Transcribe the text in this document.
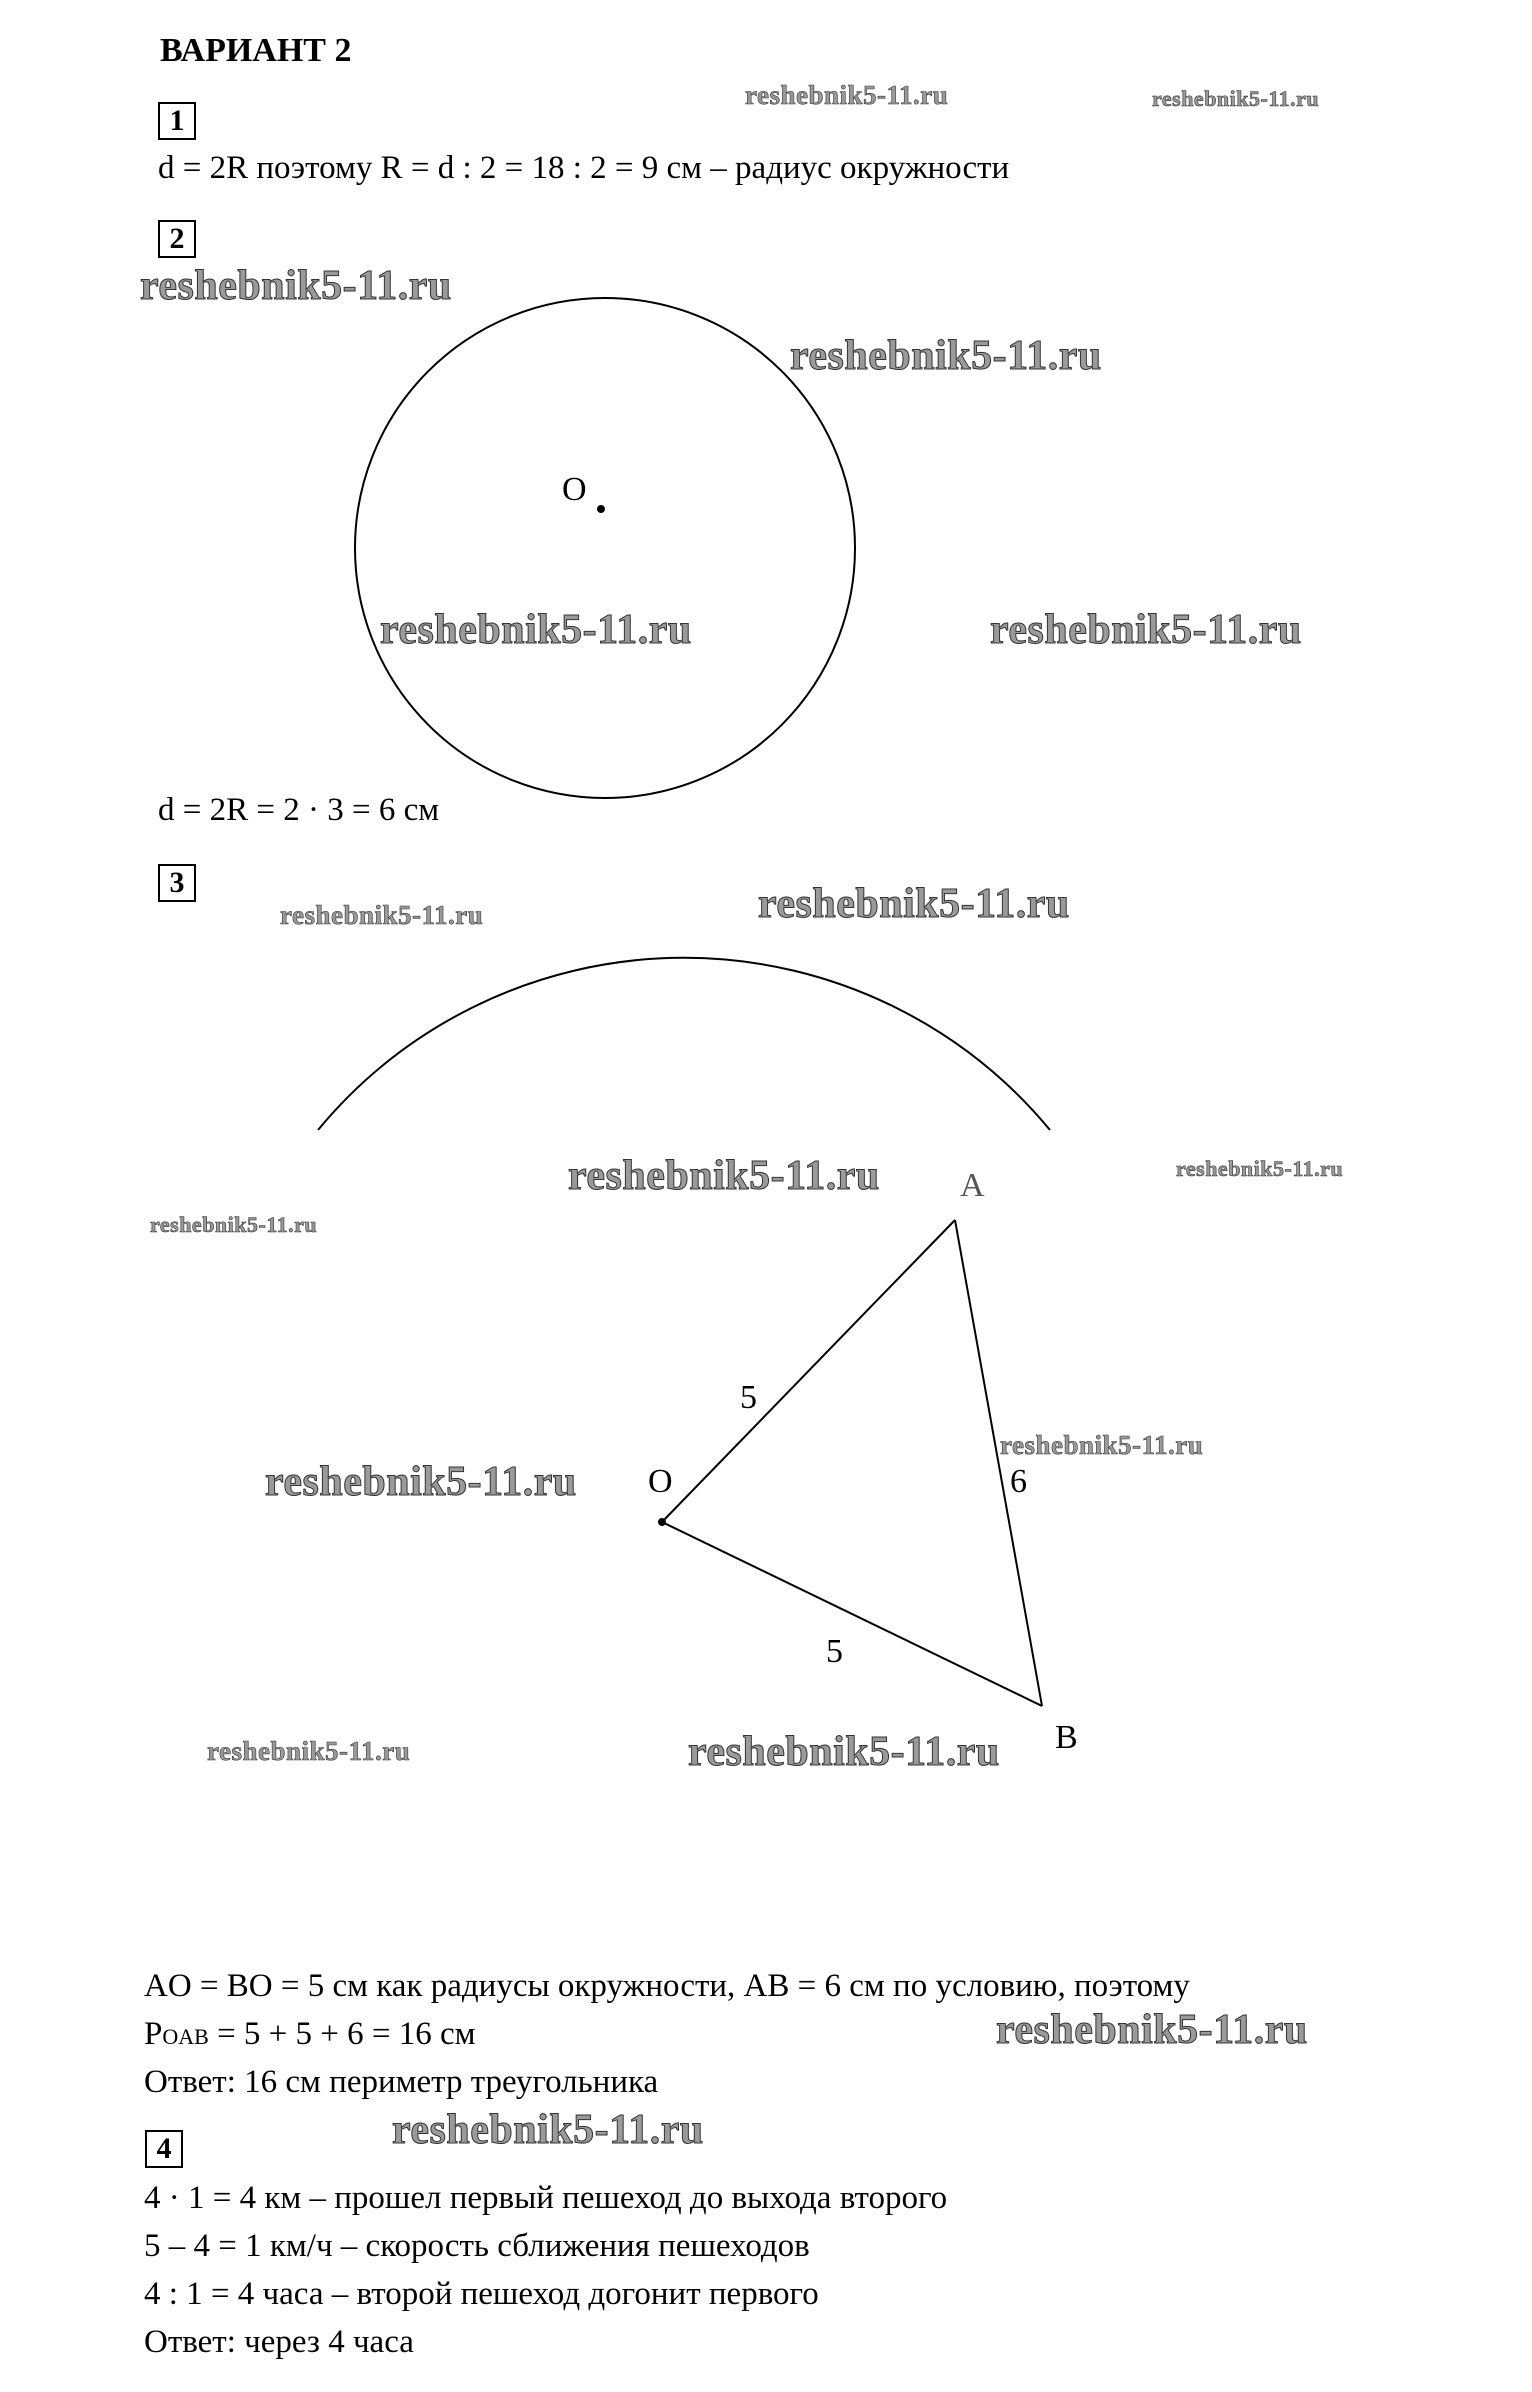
ВАРИАНТ 2
1
d = 2R поэтому R = d : 2 = 18 : 2 = 9 см – радиус окружности
2
d = 2R = 2 · 3 = 6 см
3
AO = BO = 5 см как радиусы окружности, AB = 6 см по условию, поэтому
POAB = 5 + 5 + 6 = 16 см
Ответ: 16 см периметр треугольника
4
4 · 1 = 4 км – прошел первый пешеход до выхода второго
5 – 4 = 1 км/ч – скорость сближения пешеходов
4 : 1 = 4 часа – второй пешеход догонит первого
Ответ: через 4 часа
O
A
O
B
5
6
5
reshebnik5-11.ru	reshebnik5-11.ru
reshebnik5-11.ru
reshebnik5-11.ru
reshebnik5-11.ru	reshebnik5-11.ru
reshebnik5-11.ru	reshebnik5-11.ru
reshebnik5-11.ru	reshebnik5-11.ru
reshebnik5-11.ru
reshebnik5-11.ru
reshebnik5-11.ru
reshebnik5-11.ru	reshebnik5-11.ru
reshebnik5-11.ru
reshebnik5-11.ru
